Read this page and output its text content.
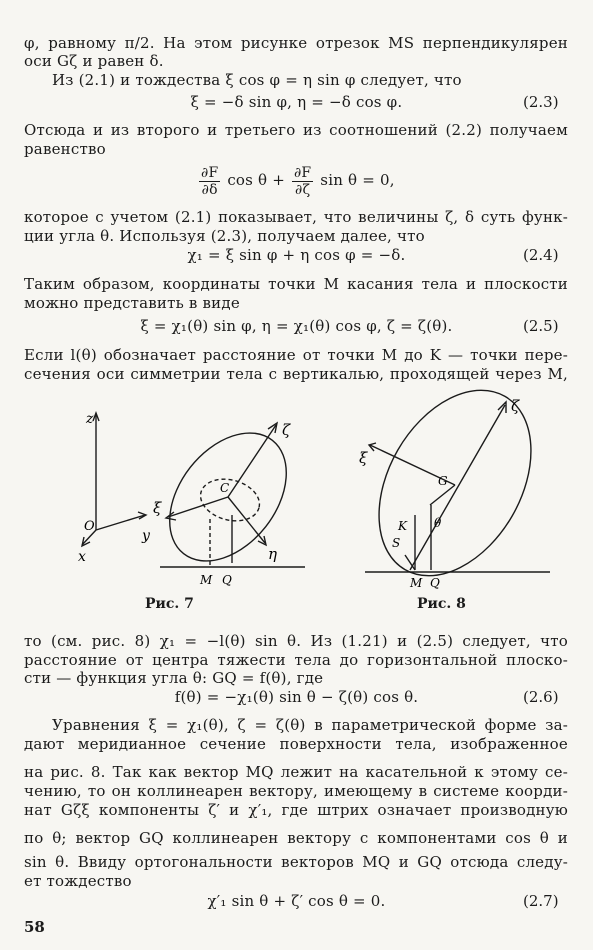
φ, равному π/2. На этом рисунке отрезок MS перпендикулярен
оси Gζ и равен δ.
Из (2.1) и тождества ξ cos φ = η sin φ следует, что
ξ = −δ sin φ, η = −δ cos φ.	(2.3)
Отсюда и из второго и третьего из соотношений (2.2) получаем
равенство
$\frac{\partial F}{\partial\delta}$ $\cos \theta + \frac{\partial F}{\partial\zeta}$ sin θ = 0,
которое с учетом (2.1) показывает, что величины ζ, δ суть функ-
ции угла θ. Используя (2.3), получаем далее, что
χ₁ = ξ sin φ + η cos φ = −δ.	(2.4)
Таким образом, координаты точки M касания тела и плоскости
можно представить в виде
ξ = χ₁(θ) sin φ, η = χ₁(θ) cos φ, ζ = ζ(θ).	(2.5)
Если l(θ) обозначает расстояние от точки M до K — точки пере-
сечения оси симметрии тела с вертикалью, проходящей через M,
z
O
x
y
ζ
ξ
η
C
M Q
Рис. 7
ζ
ξ
G
K θ
S
M Q
Рис. 8
то (см. рис. 8) χ₁ = −l(θ) sin θ. Из (1.21) и (2.5) следует, что
расстояние от центра тяжести тела до горизонтальной плоско-
сти — функция угла θ: GQ = f(θ), где
f(θ) = −χ₁(θ) sin θ − ζ(θ) cos θ.	(2.6)
Уравнения ξ = χ₁(θ), ζ = ζ(θ) в параметрической форме за-
дают меридианное сечение поверхности тела, изображенное
на рис. 8. Так как вектор MQ лежит на касательной к этому се-
чению, то он коллинеарен вектору, имеющему в системе коорди-
нат Gζξ компоненты ζ′ и χ′₁, где штрих означает производную
по θ; вектор GQ коллинеарен вектору с компонентами cos θ и
sin θ. Ввиду ортогональности векторов MQ и GQ отсюда следу-
ет тождество
χ′₁ sin θ + ζ′ cos θ = 0.	(2.7)
58
